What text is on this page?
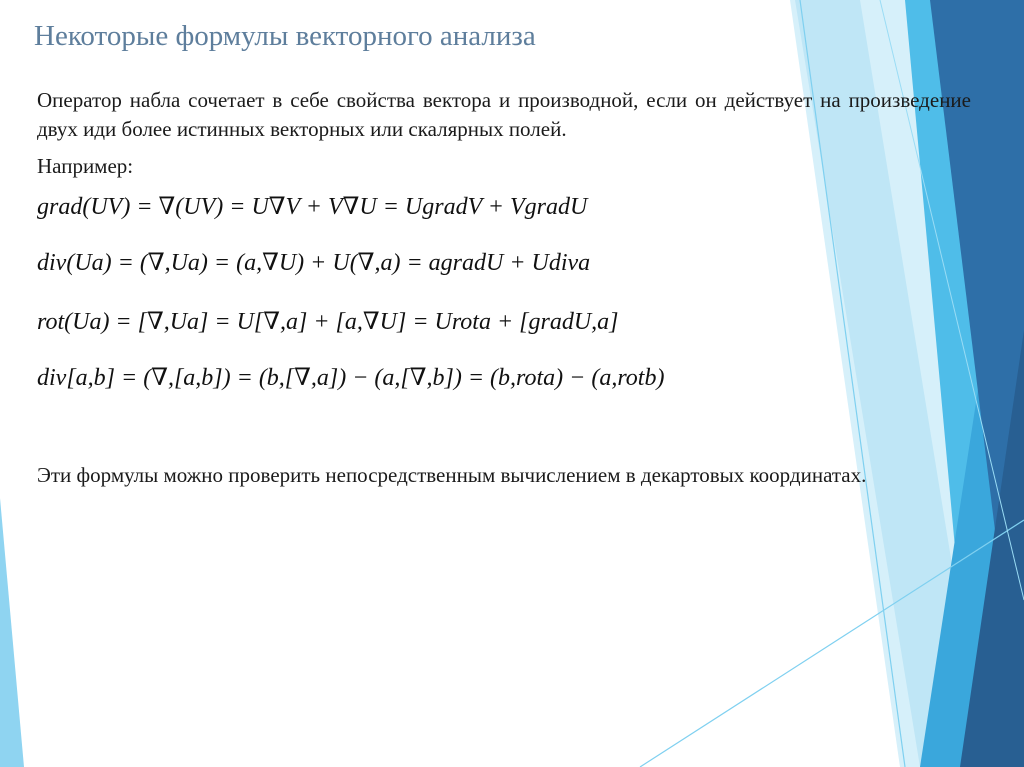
Некоторые формулы векторного анализа

Оператор набла сочетает в себе свойства вектора и производной, если он действует на произведение двух иди более истинных векторных или скалярных полей.

Например:

grad(UV) = ∇(UV) = U∇V + V∇U = UgradV + VgradU
div(Ua) = (∇,Ua) = (a,∇U) + U(∇,a) = agradU + Udiva
rot(Ua) = [∇,Ua] = U[∇,a] + [a,∇U] = Urota + [gradU,a]
div[a,b] = (∇,[a,b]) = (b,[∇,a]) − (a,[∇,b]) = (b,rota) − (a,rotb)

Эти формулы можно проверить непосредственным вычислением в декартовых координатах.
